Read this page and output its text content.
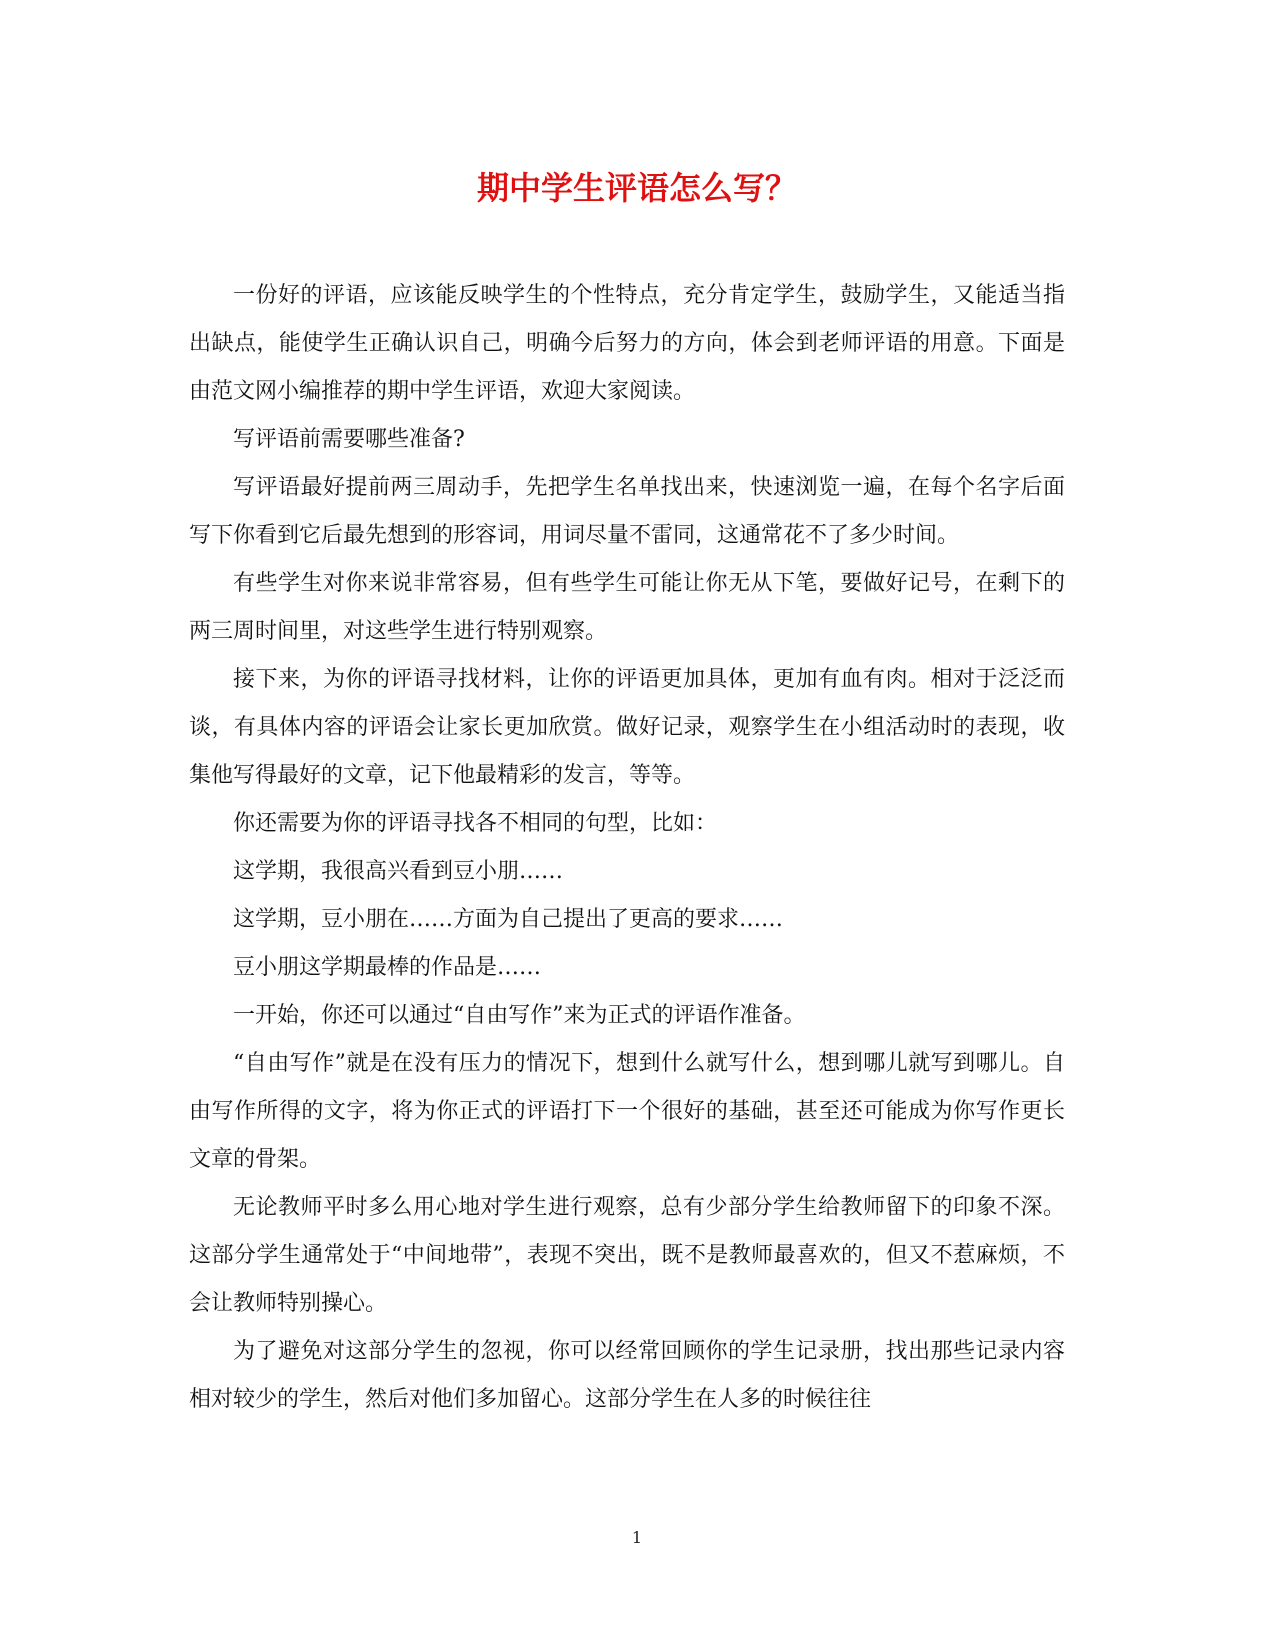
期中学生评语怎么写？

一份好的评语，应该能反映学生的个性特点，充分肯定学生，鼓励学生，又能适当指出缺点，能使学生正确认识自己，明确今后努力的方向，体会到老师评语的用意。下面是由范文网小编推荐的期中学生评语，欢迎大家阅读。

写评语前需要哪些准备?

写评语最好提前两三周动手，先把学生名单找出来，快速浏览一遍，在每个名字后面写下你看到它后最先想到的形容词，用词尽量不雷同，这通常花不了多少时间。

有些学生对你来说非常容易，但有些学生可能让你无从下笔，要做好记号，在剩下的两三周时间里，对这些学生进行特别观察。

接下来，为你的评语寻找材料，让你的评语更加具体，更加有血有肉。相对于泛泛而谈，有具体内容的评语会让家长更加欣赏。做好记录，观察学生在小组活动时的表现，收集他写得最好的文章，记下他最精彩的发言，等等。

你还需要为你的评语寻找各不相同的句型，比如：

这学期，我很高兴看到豆小朋……

这学期，豆小朋在……方面为自己提出了更高的要求……

豆小朋这学期最棒的作品是……

一开始，你还可以通过“自由写作”来为正式的评语作准备。

“自由写作”就是在没有压力的情况下，想到什么就写什么，想到哪儿就写到哪儿。自由写作所得的文字，将为你正式的评语打下一个很好的基础，甚至还可能成为你写作更长文章的骨架。

无论教师平时多么用心地对学生进行观察，总有少部分学生给教师留下的印象不深。这部分学生通常处于“中间地带”，表现不突出，既不是教师最喜欢的，但又不惹麻烦，不会让教师特别操心。

为了避免对这部分学生的忽视，你可以经常回顾你的学生记录册，找出那些记录内容相对较少的学生，然后对他们多加留心。这部分学生在人多的时候往往

1
